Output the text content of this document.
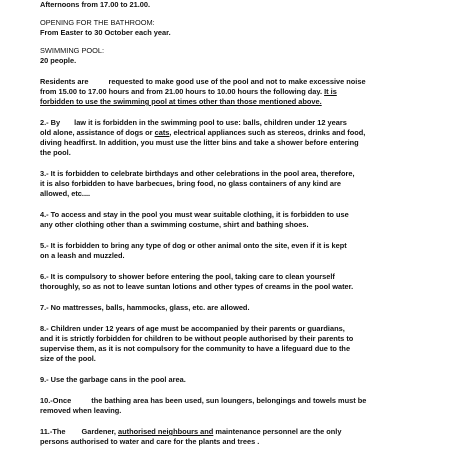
Afternoons from 17.00 to 21.00.
OPENING FOR THE BATHROOM:
From Easter to 30 October each year.
SWIMMING POOL:
20 people.
Residents are	requested to make good use of the pool and not to make excessive noise
from 15.00 to 17.00 hours and from 21.00 hours to 10.00 hours the following day. It is
forbidden to use the swimming pool at times other than those mentioned above.
2.- By law it is forbidden in the swimming pool to use: balls, children under 12 years
old alone, assistance of dogs or cats, electrical appliances such as stereos, drinks and food,
diving headfirst. In addition, you must use the litter bins and take a shower before entering
the pool.
3.- It is forbidden to celebrate birthdays and other celebrations in the pool area, therefore,
it is also forbidden to have barbecues, bring food, no glass containers of any kind are
allowed, etc....
4.- To access and stay in the pool you must wear suitable clothing, it is forbidden to use
any other clothing other than a swimming costume, shirt and bathing shoes.
5.- It is forbidden to bring any type of dog or other animal onto the site, even if it is kept
on a leash and muzzled.
6.- It is compulsory to shower before entering the pool, taking care to clean yourself
thoroughly, so as not to leave suntan lotions and other types of creams in the pool water.
7.- No mattresses, balls, hammocks, glass, etc. are allowed.
8.- Children under 12 years of age must be accompanied by their parents or guardians,
and it is strictly forbidden for children to be without people authorised by their parents to
supervise them, as it is not compulsory for the community to have a lifeguard due to the
size of the pool.
9.- Use the garbage cans in the pool area.
10.-Once	the bathing area has been used, sun loungers, belongings and towels must be
removed when leaving.
11.-The Gardener, authorised neighbours and maintenance personnel are the only
persons authorised to water and care for the plants and trees .
